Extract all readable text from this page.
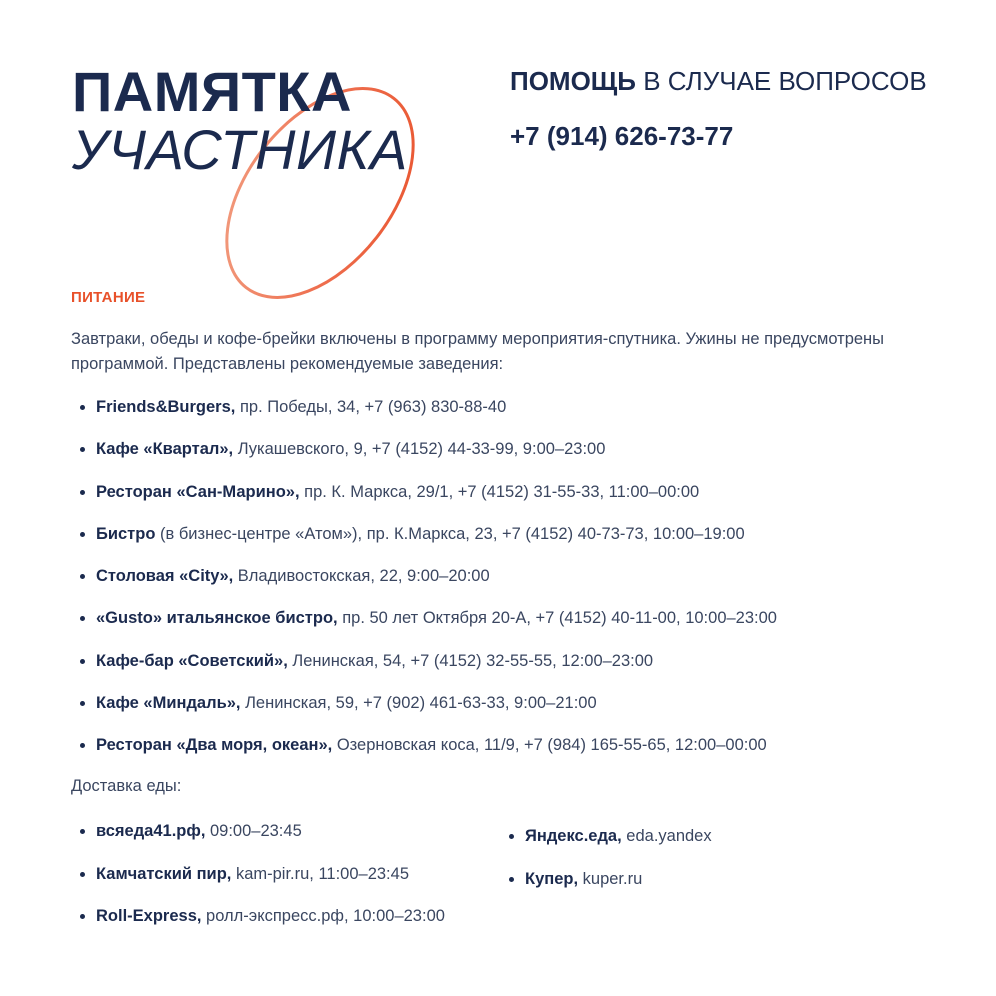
ПАМЯТКА
УЧАСТНИКА
ПОМОЩЬ В СЛУЧАЕ ВОПРОСОВ
+7 (914) 626-73-77
ПИТАНИЕ
Завтраки, обеды и кофе-брейки включены в программу мероприятия-спутника. Ужины не предусмотрены программой. Представлены рекомендуемые заведения:
Friends&Burgers, пр. Победы, 34, +7 (963) 830-88-40
Кафе «Квартал», Лукашевского, 9, +7 (4152) 44-33-99, 9:00–23:00
Ресторан «Сан-Марино», пр. К. Маркса, 29/1, +7 (4152) 31-55-33, 11:00–00:00
Бистро (в бизнес-центре «Атом»), пр. К.Маркса, 23, +7 (4152) 40-73-73, 10:00–19:00
Столовая «City», Владивостокская, 22, 9:00–20:00
«Gusto» итальянское бистро, пр. 50 лет Октября 20-А, +7 (4152) 40-11-00, 10:00–23:00
Кафе-бар «Советский», Ленинская, 54, +7 (4152) 32-55-55, 12:00–23:00
Кафе «Миндаль», Ленинская, 59, +7 (902) 461-63-33, 9:00–21:00
Ресторан «Два моря, океан», Озерновская коса, 11/9, +7 (984) 165-55-65, 12:00–00:00
Доставка еды:
всяеда41.рф, 09:00–23:45
Камчатский пир, kam-pir.ru, 11:00–23:45
Roll-Express, ролл-экспресс.рф, 10:00–23:00
Яндекс.еда, eda.yandex
Купер, kuper.ru
